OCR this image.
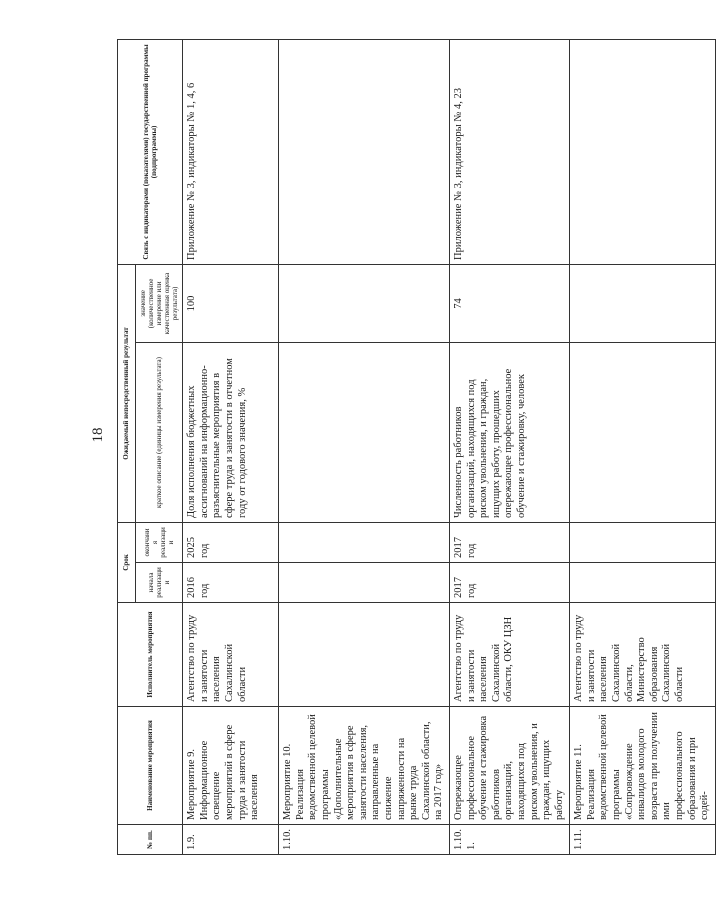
18
№ пп.	Наименование мероприятия	Исполнитель мероприятия	Срок		Ожидаемый непосредственный результат		Связь с индикаторами (показателями) государственной программы (подпрограммы)
			начала реализации	окончания реализации	краткое описание (единицы измерения результата)	значение (количественное измерение или качественная оценка результата)	
1.9.	Мероприятие 9. Информационное освещение мероприятий в сфере труда и занятости населения	Агентство по труду и занятости населения Сахалинской области	2016 год	2025 год	Доля исполнения бюджетных ассигнований на информационно-разъяснительные мероприятия в сфере труда и занятости в отчетном году от годового значения, %	100	Приложение № 3, индикаторы № 1, 4, 6
1.10.	Мероприятие 10. Реализация ведомственной целевой программы «Дополнительные мероприятия в сфере занятости населения, направленные на снижение напряженности на рынке труда Сахалинской области, на 2017 год»						
1.10.1.	Опережающее профессиональное обучение и стажировка работников организаций, находящихся под риском увольнения, и граждан, ищущих работу	Агентство по труду и занятости населения Сахалинской области, ОКУ ЦЗН	2017 год	2017 год	Численность работников организаций, находящихся под риском увольнения, и граждан, ищущих работу, прошедших опережающее профессиональное обучение и стажировку, человек	74	Приложение № 3, индикаторы № 4, 23
1.11.	Мероприятие 11. Реализация ведомственной целевой программы «Сопровождение инвалидов молодого возраста при получении ими профессионального образования и при содей-	Агентство по труду и занятости населения Сахалинской области, Министерство образования Сахалинской области					
